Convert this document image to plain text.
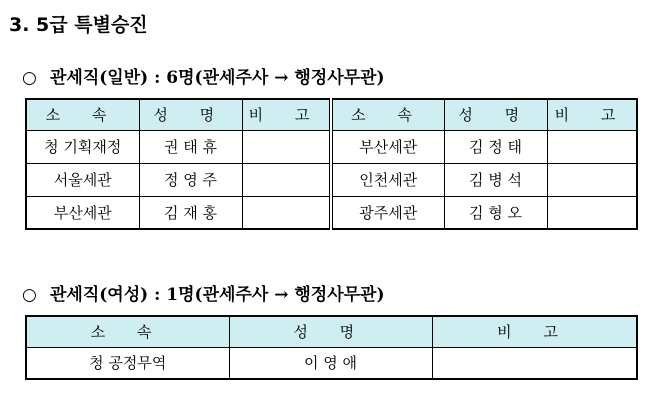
3. 5급 특별승진
○ 관세직(일반) : 6명(관세주사 → 행정사무관)
소 속	성 명	비 고	소 속	성 명	비 고
청 기획재정	권 태 휴		부산세관	김 정 태	
서울세관	정 영 주		인천세관	김 병 석	
부산세관	김 재 홍		광주세관	김 형 오	
○ 관세직(여성) : 1명(관세주사 → 행정사무관)
소 속	성 명	비 고
청 공정무역	이 영 애	
